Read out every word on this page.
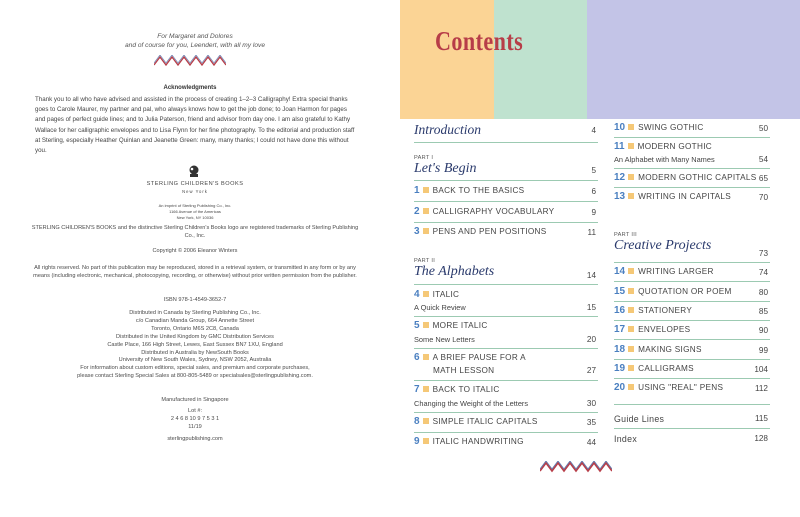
For Margaret and Dolores
and of course for you, Leendert, with all my love
Acknowledgments
Thank you to all who have advised and assisted in the process of creating 1–2–3 Calligraphy! Extra special thanks goes to Carole Maurer, my partner and pal, who always knows how to get the job done; to Joan Harmon for pages and pages of perfect guide lines; and to Julia Paterson, friend and advisor from day one. I am also grateful to Kathy Wallace for her calligraphic envelopes and to Lisa Flynn for her fine photography. To the editorial and production staff at Sterling, especially Heather Quinlan and Jeanette Green: many, many thanks; I could not have done this without you.
STERLING CHILDREN'S BOOKS
New York
An imprint of Sterling Publishing Co., Inc.
1166 Avenue of the Americas
New York, NY 10036
STERLING CHILDREN'S BOOKS and the distinctive Sterling Children's Books logo are registered trademarks of Sterling Publishing Co., Inc.
Copyright © 2006 Eleanor Winters
All rights reserved. No part of this publication may be reproduced, stored in a retrieval system, or transmitted in any form or by any means (including electronic, mechanical, photocopying, recording, or otherwise) without prior written permission from the publisher.
ISBN 978-1-4549-3652-7
Distributed in Canada by Sterling Publishing Co., Inc.
c/o Canadian Manda Group, 664 Annette Street
Toronto, Ontario M6S 2C8, Canada
Distributed in the United Kingdom by GMC Distribution Services
Castle Place, 166 High Street, Lewes, East Sussex BN7 1XU, England
Distributed in Australia by NewSouth Books
University of New South Wales, Sydney, NSW 2052, Australia
For information about custom editions, special sales, and premium and corporate purchases,
please contact Sterling Special Sales at 800-805-5489 or specialsales@sterlingpublishing.com.
Manufactured in Singapore
Lot #:
2 4 6 8 10 9 7 5 3 1
11/19
sterlingpublishing.com
Contents
Introduction	4
PART I
Let's Begin	5
1 BACK TO THE BASICS	6
2 CALLIGRAPHY VOCABULARY	9
3 PENS AND PEN POSITIONS	11
PART II
The Alphabets	14
4 ITALIC
A Quick Review	15
5 MORE ITALIC
Some New Letters	20
6 A BRIEF PAUSE FOR A
MATH LESSON	27
7 BACK TO ITALIC
Changing the Weight of the Letters	30
8 SIMPLE ITALIC CAPITALS	35
9 ITALIC HANDWRITING	44
10 SWING GOTHIC	50
11 MODERN GOTHIC
An Alphabet with Many Names	54
12 MODERN GOTHIC CAPITALS 65
13 WRITING IN CAPITALS	70
PART III
Creative Projects
73
14 WRITING LARGER	74
15 QUOTATION OR POEM	80
16 STATIONERY	85
17 ENVELOPES	90
18 MAKING SIGNS	99
19 CALLIGRAMS	104
20 USING "REAL" PENS	112
Guide Lines	115
Index	128
